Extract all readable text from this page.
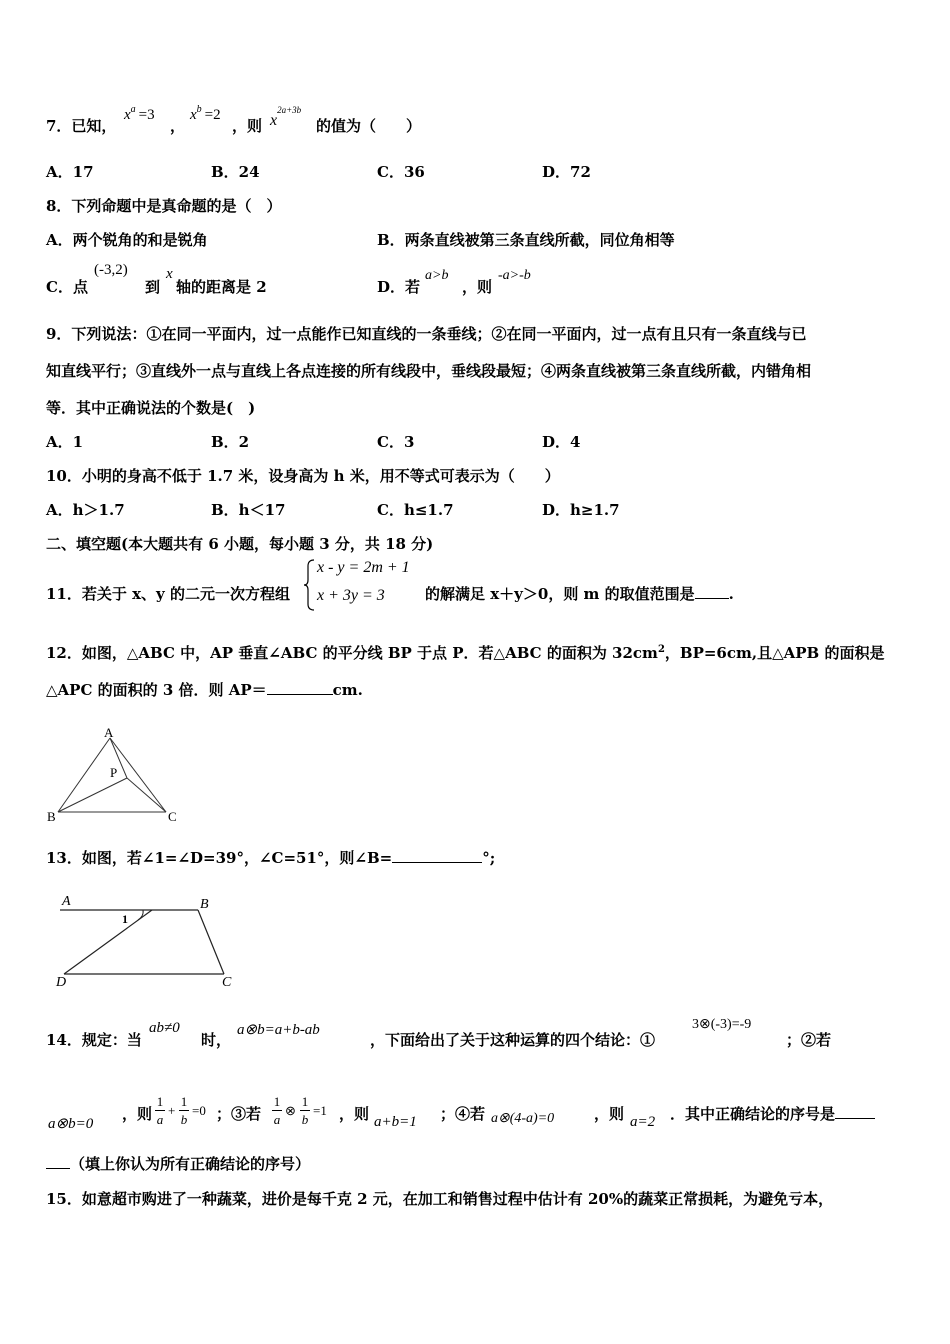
7．已知，
$x^a =3$
，
$x^b =2$
，则 x2a+3b
的值为（　　）
A．17	B．24	C．36	D．72
8．下列命题中是真命题的是（　）
A．两个锐角的和是锐角	B．两条直线被第三条直线所截，同位角相等
C．点
(-3,2)
到
x
轴的距离是 2	D．若
a>b
，则
-a>-b
9．下列说法：①在同一平面内，过一点能作已知直线的一条垂线；②在同一平面内，过一点有且只有一条直线与已
知直线平行；③直线外一点与直线上各点连接的所有线段中，垂线段最短；④两条直线被第三条直线所截，内错角相
等．其中正确说法的个数是(　)
A．1	B．2	C．3	D．4
10．小明的身高不低于 1.7 米，设身高为 h 米，用不等式可表示为（　　）
A．h＞1.7	B．h＜17	C．h≤1.7	D．h≥1.7
二、填空题(本大题共有 6 小题，每小题 3 分，共 18 分)
11．若关于 x、y 的二元一次方程组
x - y = 2m + 1
x + 3y = 3	的解满足 x＋y＞0，则 m 的取值范围是 .
12．如图，△ABC 中，AP 垂直∠ABC 的平分线 BP 于点 P．若△ABC 的面积为 $32cm^2$，BP=6cm,且△APB 的面积是
△APC 的面积的 3 倍．则 AP＝	cm.
A
P
B	C
13．如图，若∠1=∠D=39°，∠C=51°，则∠B=	°;
A	B
D	C
1
14．规定：当
ab≠0
时，
a⊗b=a+b-ab
，下面给出了关于这种运算的四个结论：①
3⊗(-3)=-9
；②若
a⊗b=0
，则
1
a
+
1
b
=0 ；③若
1
a
⊗
1
b
=1 ，则 a+b=1 ；④若 a⊗(4-a)=0	，则 a=2 ．其中正确结论的序号是
（填上你认为所有正确结论的序号）
15．如意超市购进了一种蔬菜，进价是每千克 2 元，在加工和销售过程中估计有 20%的蔬菜正常损耗，为避免亏本，
